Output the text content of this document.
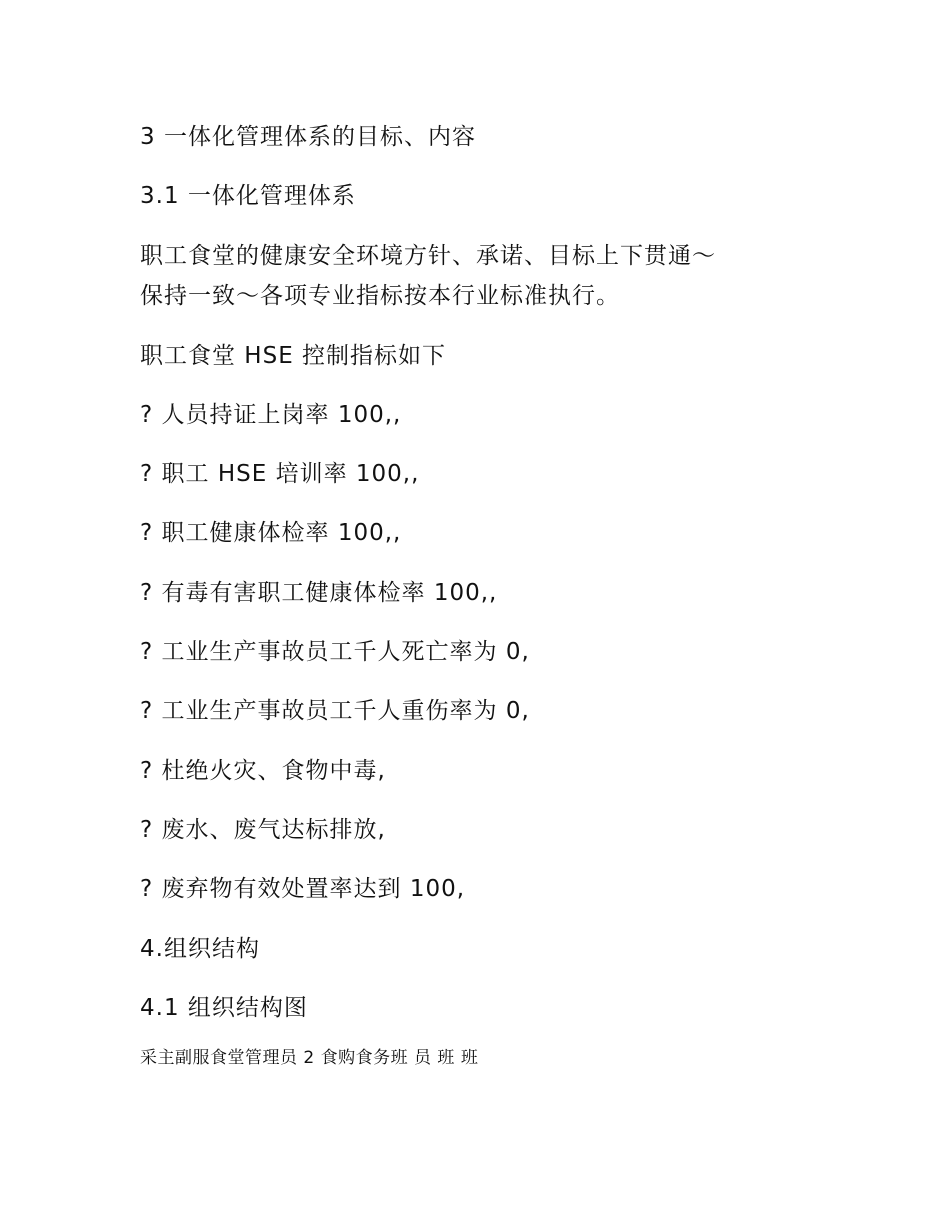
3 一体化管理体系的目标、内容
3.1 一体化管理体系
职工食堂的健康安全环境方针、承诺、目标上下贯通～
保持一致～各项专业指标按本行业标准执行。
职工食堂 HSE 控制指标如下
? 人员持证上岗率 100,,
? 职工 HSE 培训率 100,,
? 职工健康体检率 100,,
? 有毒有害职工健康体检率 100,,
? 工业生产事故员工千人死亡率为 0,
? 工业生产事故员工千人重伤率为 0,
? 杜绝火灾、食物中毒,
? 废水、废气达标排放,
? 废弃物有效处置率达到 100,
4.组织结构
4.1 组织结构图
采主副服食堂管理员 2 食购食务班 员 班 班
